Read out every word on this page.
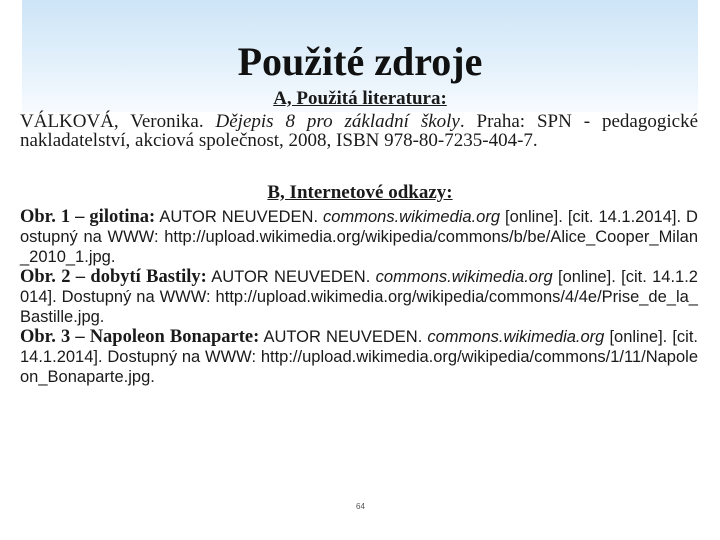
Použité zdroje

A, Použitá literatura:

VÁLKOVÁ, Veronika. Dějepis 8 pro základní školy. Praha: SPN - pedagogické nakladatelství, akciová společnost, 2008, ISBN 978-80-7235-404-7.

B, Internetové odkazy:

Obr. 1 – gilotina: AUTOR NEUVEDEN. commons.wikimedia.org [online]. [cit. 14.1.2014]. Dostupný na WWW: http://upload.wikimedia.org/wikipedia/commons/b/be/Alice_Cooper_Milan_2010_1.jpg.

Obr. 2 – dobytí Bastily: AUTOR NEUVEDEN. commons.wikimedia.org [online]. [cit. 14.1.2014]. Dostupný na WWW: http://upload.wikimedia.org/wikipedia/commons/4/4e/Prise_de_la_Bastille.jpg.

Obr. 3 – Napoleon Bonaparte: AUTOR NEUVEDEN. commons.wikimedia.org [online]. [cit. 14.1.2014]. Dostupný na WWW: http://upload.wikimedia.org/wikipedia/commons/1/11/Napoleon_Bonaparte.jpg.

64
